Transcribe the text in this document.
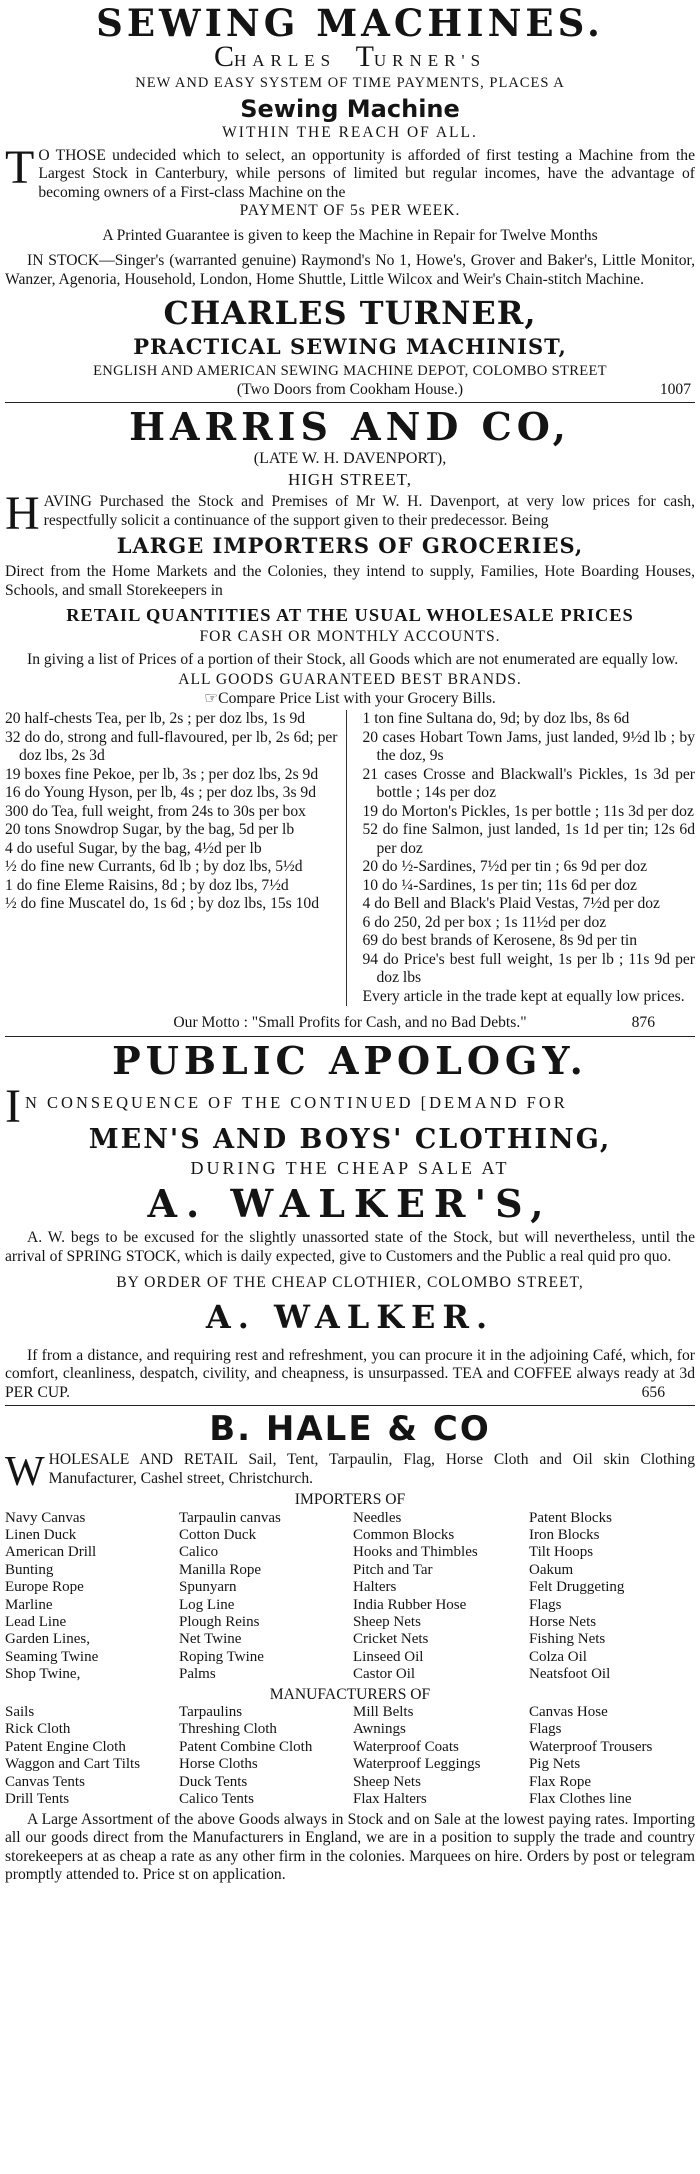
SEWING MACHINES.
CHARLES TURNER'S
NEW AND EASY SYSTEM OF TIME PAYMENTS, PLACES A
Sewing Machine
WITHIN THE REACH OF ALL.
T O THOSE undecided which to select, an opportunity is afforded of first testing a Machine from the Largest Stock in Canterbury, while persons of limited but regular incomes, have the advantage of becoming owners of a First-class Machine on the
PAYMENT OF 5s PER WEEK.
A Printed Guarantee is given to keep the Machine in Repair for Twelve Months
IN STOCK—Singer's (warranted genuine) Raymond's No 1, Howe's, Grover and Baker's, Little Monitor, Wanzer, Agenoria, Household, London, Home Shuttle, Little Wilcox and Weir's Chain-stitch Machine.
CHARLES TURNER,
PRACTICAL SEWING MACHINIST,
ENGLISH AND AMERICAN SEWING MACHINE DEPOT, COLOMBO STREET
(Two Doors from Cookham House.)	1007
HARRIS AND CO,
(LATE W. H. DAVENPORT),
HIGH STREET,
HAVING Purchased the Stock and Premises of Mr W. H. Davenport, at very low prices for cash, respectfully solicit a continuance of the support given to their predecessor. Being
LARGE IMPORTERS OF GROCERIES,
Direct from the Home Markets and the Colonies, they intend to supply, Families, Hote Boarding Houses, Schools, and small Storekeepers in
RETAIL QUANTITIES AT THE USUAL WHOLESALE PRICES
FOR CASH OR MONTHLY ACCOUNTS.
In giving a list of Prices of a portion of their Stock, all Goods which are not enumerated are equally low.
ALL GOODS GUARANTEED BEST BRANDS.
☞Compare Price List with your Grocery Bills.
20 half-chests Tea, per lb, 2s ; per doz lbs, 1s 9d
32 do do, strong and full-flavoured, per lb, 2s 6d; per doz lbs, 2s 3d
19 boxes fine Pekoe, per lb, 3s ; per doz lbs, 2s 9d
16 do Young Hyson, per lb, 4s ; per doz lbs, 3s 9d
300 do Tea, full weight, from 24s to 30s per box
20 tons Snowdrop Sugar, by the bag, 5d per lb
4 do useful Sugar, by the bag, 4½d per lb
½ do fine new Currants, 6d lb ; by doz lbs, 5½d
1 do fine Eleme Raisins, 8d ; by doz lbs, 7½d
½ do fine Muscatel do, 1s 6d ; by doz lbs, 15s 10d
1 ton fine Sultana do, 9d; by doz lbs, 8s 6d
20 cases Hobart Town Jams, just landed, 9½d lb ; by the doz, 9s
21 cases Crosse and Blackwall's Pickles, 1s 3d per bottle ; 14s per doz
19 do Morton's Pickles, 1s per bottle ; 11s 3d per doz
52 do fine Salmon, just landed, 1s 1d per tin; 12s 6d per doz
20 do ½-Sardines, 7½d per tin ; 6s 9d per doz
10 do ¼-Sardines, 1s per tin; 11s 6d per doz
4 do Bell and Black's Plaid Vestas, 7½d per doz
6 do 250, 2d per box ; 1s 11½d per doz
69 do best brands of Kerosene, 8s 9d per tin
94 do Price's best full weight, 1s per lb ; 11s 9d per doz lbs
Every article in the trade kept at equally low prices.
Our Motto : "Small Profits for Cash, and no Bad Debts."	876
PUBLIC APOLOGY.
I N CONSEQUENCE OF THE CONTINUED [DEMAND FOR
MEN'S AND BOYS' CLOTHING,
DURING THE CHEAP SALE AT
A. WALKER'S,
A. W. begs to be excused for the slightly unassorted state of the Stock, but will nevertheless, until the arrival of SPRING STOCK, which is daily expected, give to Customers and the Public a real quid pro quo.
BY ORDER OF THE CHEAP CLOTHIER, COLOMBO STREET,
A. WALKER.
If from a distance, and requiring rest and refreshment, you can procure it in the adjoining Café, which, for comfort, cleanliness, despatch, civility, and cheapness, is unsurpassed. TEA and COFFEE always ready at 3d PER CUP.	656
B. HALE & CO
WHOLESALE AND RETAIL Sail, Tent, Tarpaulin, Flag, Horse Cloth and Oil skin Clothing Manufacturer, Cashel street, Christchurch.
IMPORTERS OF
Navy Canvas	Tarpaulin canvas	Needles	Patent Blocks
Linen Duck	Cotton Duck	Common Blocks	Iron Blocks
American Drill	Calico	Hooks and Thimbles	Tilt Hoops
Bunting	Manilla Rope	Pitch and Tar	Oakum
Europe Rope	Spunyarn	Halters	Felt Druggeting
Marline	Log Line	India Rubber Hose	Flags
Lead Line	Plough Reins	Sheep Nets	Horse Nets
Garden Lines,	Net Twine	Cricket Nets	Fishing Nets
Seaming Twine	Roping Twine	Linseed Oil	Colza Oil
Shop Twine,	Palms	Castor Oil	Neatsfoot Oil
MANUFACTURERS OF
Sails	Tarpaulins	Mill Belts	Canvas Hose
Rick Cloth	Threshing Cloth	Awnings	Flags
Patent Engine Cloth	Patent Combine Cloth	Waterproof Coats	Waterproof Trousers
Waggon and Cart Tilts	Horse Cloths	Waterproof Leggings	Pig Nets
Canvas Tents	Duck Tents	Sheep Nets	Flax Rope
Drill Tents	Calico Tents	Flax Halters	Flax Clothes line
A Large Assortment of the above Goods always in Stock and on Sale at the lowest paying rates. Importing all our goods direct from the Manufacturers in England, we are in a position to supply the trade and country storekeepers at as cheap a rate as any other firm in the colonies. Marquees on hire. Orders by post or telegram promptly attended to. Price st on application.
